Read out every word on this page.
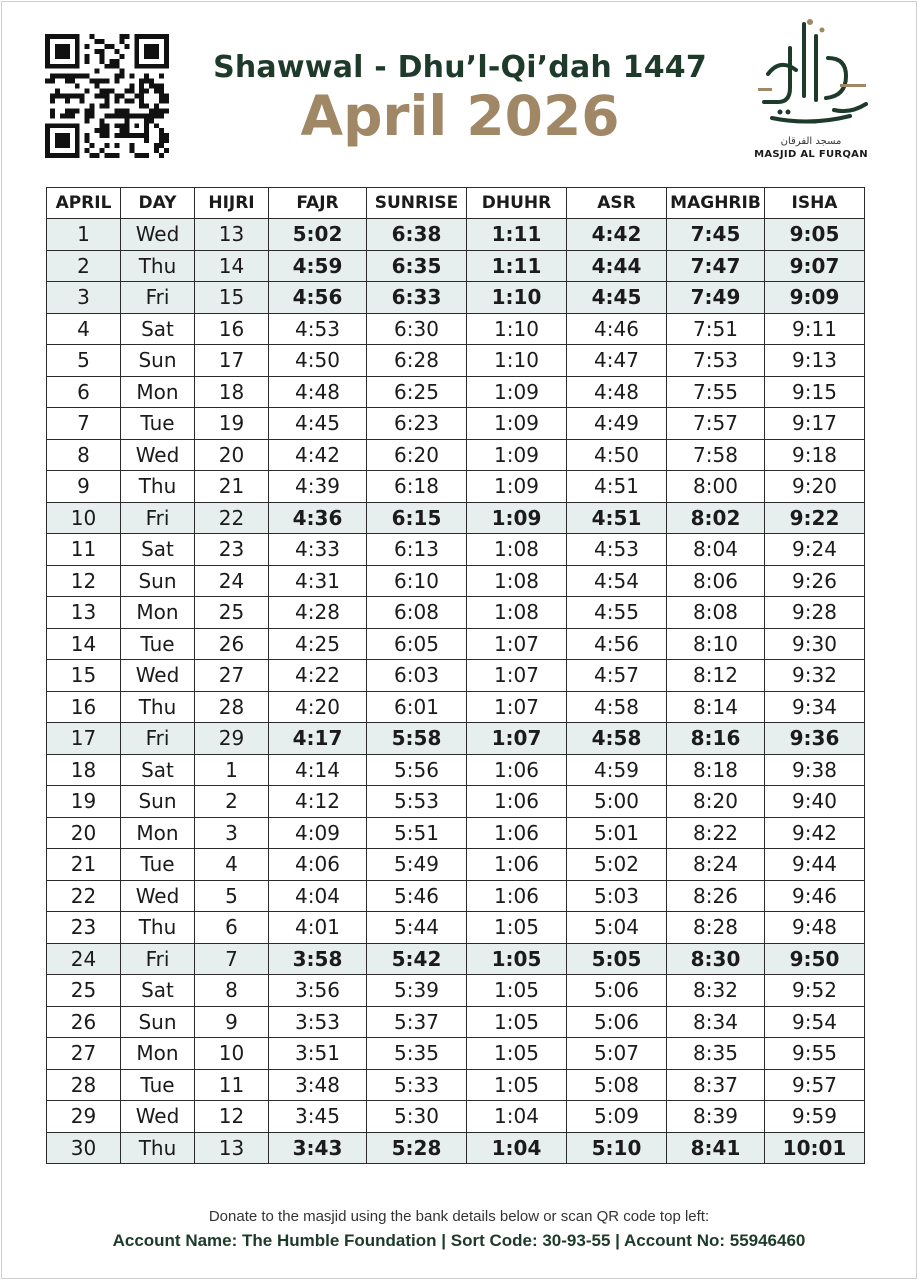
Shawwal - Dhu’l-Qi’dah 1447
April 2026	مسجد الفرقان
MASJID AL FURQAN
APRIL	DAY	HIJRI	FAJR	SUNRISE	DHUHR	ASR	MAGHRIB	ISHA
1	Wed	13	5:02	6:38	1:11	4:42	7:45	9:05
2	Thu	14	4:59	6:35	1:11	4:44	7:47	9:07
3	Fri	15	4:56	6:33	1:10	4:45	7:49	9:09
4	Sat	16	4:53	6:30	1:10	4:46	7:51	9:11
5	Sun	17	4:50	6:28	1:10	4:47	7:53	9:13
6	Mon	18	4:48	6:25	1:09	4:48	7:55	9:15
7	Tue	19	4:45	6:23	1:09	4:49	7:57	9:17
8	Wed	20	4:42	6:20	1:09	4:50	7:58	9:18
9	Thu	21	4:39	6:18	1:09	4:51	8:00	9:20
10	Fri	22	4:36	6:15	1:09	4:51	8:02	9:22
11	Sat	23	4:33	6:13	1:08	4:53	8:04	9:24
12	Sun	24	4:31	6:10	1:08	4:54	8:06	9:26
13	Mon	25	4:28	6:08	1:08	4:55	8:08	9:28
14	Tue	26	4:25	6:05	1:07	4:56	8:10	9:30
15	Wed	27	4:22	6:03	1:07	4:57	8:12	9:32
16	Thu	28	4:20	6:01	1:07	4:58	8:14	9:34
17	Fri	29	4:17	5:58	1:07	4:58	8:16	9:36
18	Sat	1	4:14	5:56	1:06	4:59	8:18	9:38
19	Sun	2	4:12	5:53	1:06	5:00	8:20	9:40
20	Mon	3	4:09	5:51	1:06	5:01	8:22	9:42
21	Tue	4	4:06	5:49	1:06	5:02	8:24	9:44
22	Wed	5	4:04	5:46	1:06	5:03	8:26	9:46
23	Thu	6	4:01	5:44	1:05	5:04	8:28	9:48
24	Fri	7	3:58	5:42	1:05	5:05	8:30	9:50
25	Sat	8	3:56	5:39	1:05	5:06	8:32	9:52
26	Sun	9	3:53	5:37	1:05	5:06	8:34	9:54
27	Mon	10	3:51	5:35	1:05	5:07	8:35	9:55
28	Tue	11	3:48	5:33	1:05	5:08	8:37	9:57
29	Wed	12	3:45	5:30	1:04	5:09	8:39	9:59
30	Thu	13	3:43	5:28	1:04	5:10	8:41	10:01
Donate to the masjid using the bank details below or scan QR code top left:
Account Name: The Humble Foundation | Sort Code: 30-93-55 | Account No: 55946460
